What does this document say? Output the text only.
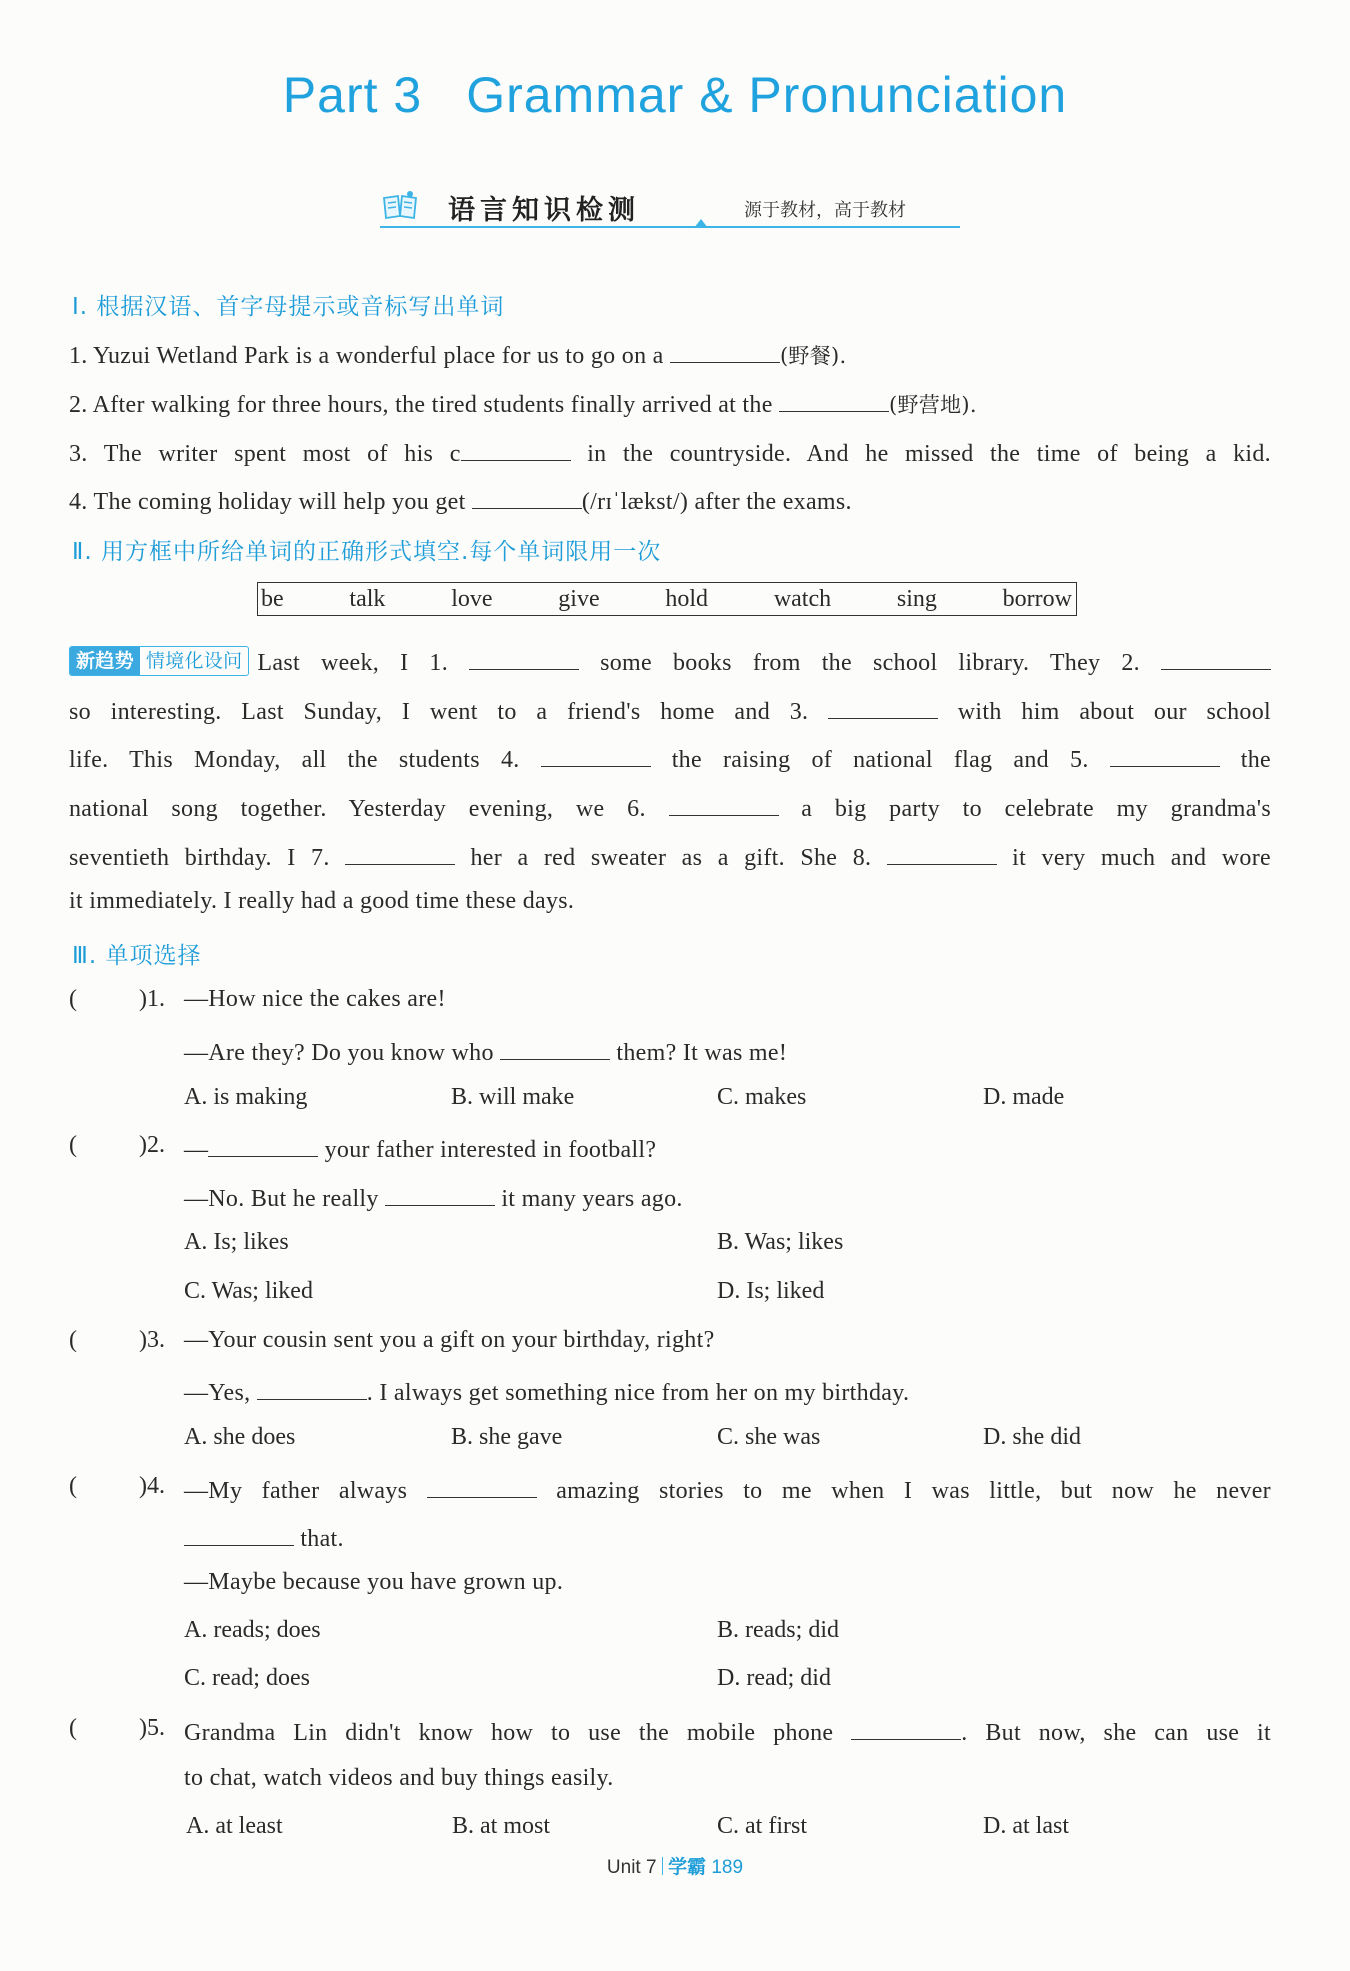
Part 3 Grammar & Pronunciation
语言知识检测	源于教材，高于教材
Ⅰ. 根据汉语、首字母提示或音标写出单词
1. Yuzui Wetland Park is a wonderful place for us to go on a	(野餐).
2. After walking for three hours, the tired students finally arrived at the	(野营地).
3. The writer spent most of his c	in the countryside. And he missed the time of being a kid.
4. The coming holiday will help you get	(/rɪˈlækst/) after the exams.
Ⅱ. 用方框中所给单词的正确形式填空.每个单词限用一次
be	talk	love	give	hold	watch	sing	borrow
新趋势 情境化设问 Last week, I 1.	some books from the school library. They 2.
so interesting. Last Sunday, I went to a friend's home and 3.	with him about our school
life. This Monday, all the students 4.	the raising of national flag and 5.	the
national song together. Yesterday evening, we 6.	a big party to celebrate my grandma's
seventieth birthday. I 7.	her a red sweater as a gift. She 8.	it very much and wore
it immediately. I really had a good time these days.
Ⅲ. 单项选择
(	)1. —How nice the cakes are!
—Are they? Do you know who	them? It was me!
A. is making	B. will make	C. makes	D. made
(	)2. —	your father interested in football?
—No. But he really	it many years ago.
A. Is; likes	B. Was; likes
C. Was; liked	D. Is; liked
(	)3. —Your cousin sent you a gift on your birthday, right?
—Yes,	. I always get something nice from her on my birthday.
A. she does	B. she gave	C. she was	D. she did
(	)4. —My father always	amazing stories to me when I was little, but now he never
that.
—Maybe because you have grown up.
A. reads; does	B. reads; did
C. read; does	D. read; did
(	)5. Grandma Lin didn't know how to use the mobile phone	. But now, she can use it
to chat, watch videos and buy things easily.
A. at least	B. at most	C. at first	D. at last
Unit 7 学霸 189
